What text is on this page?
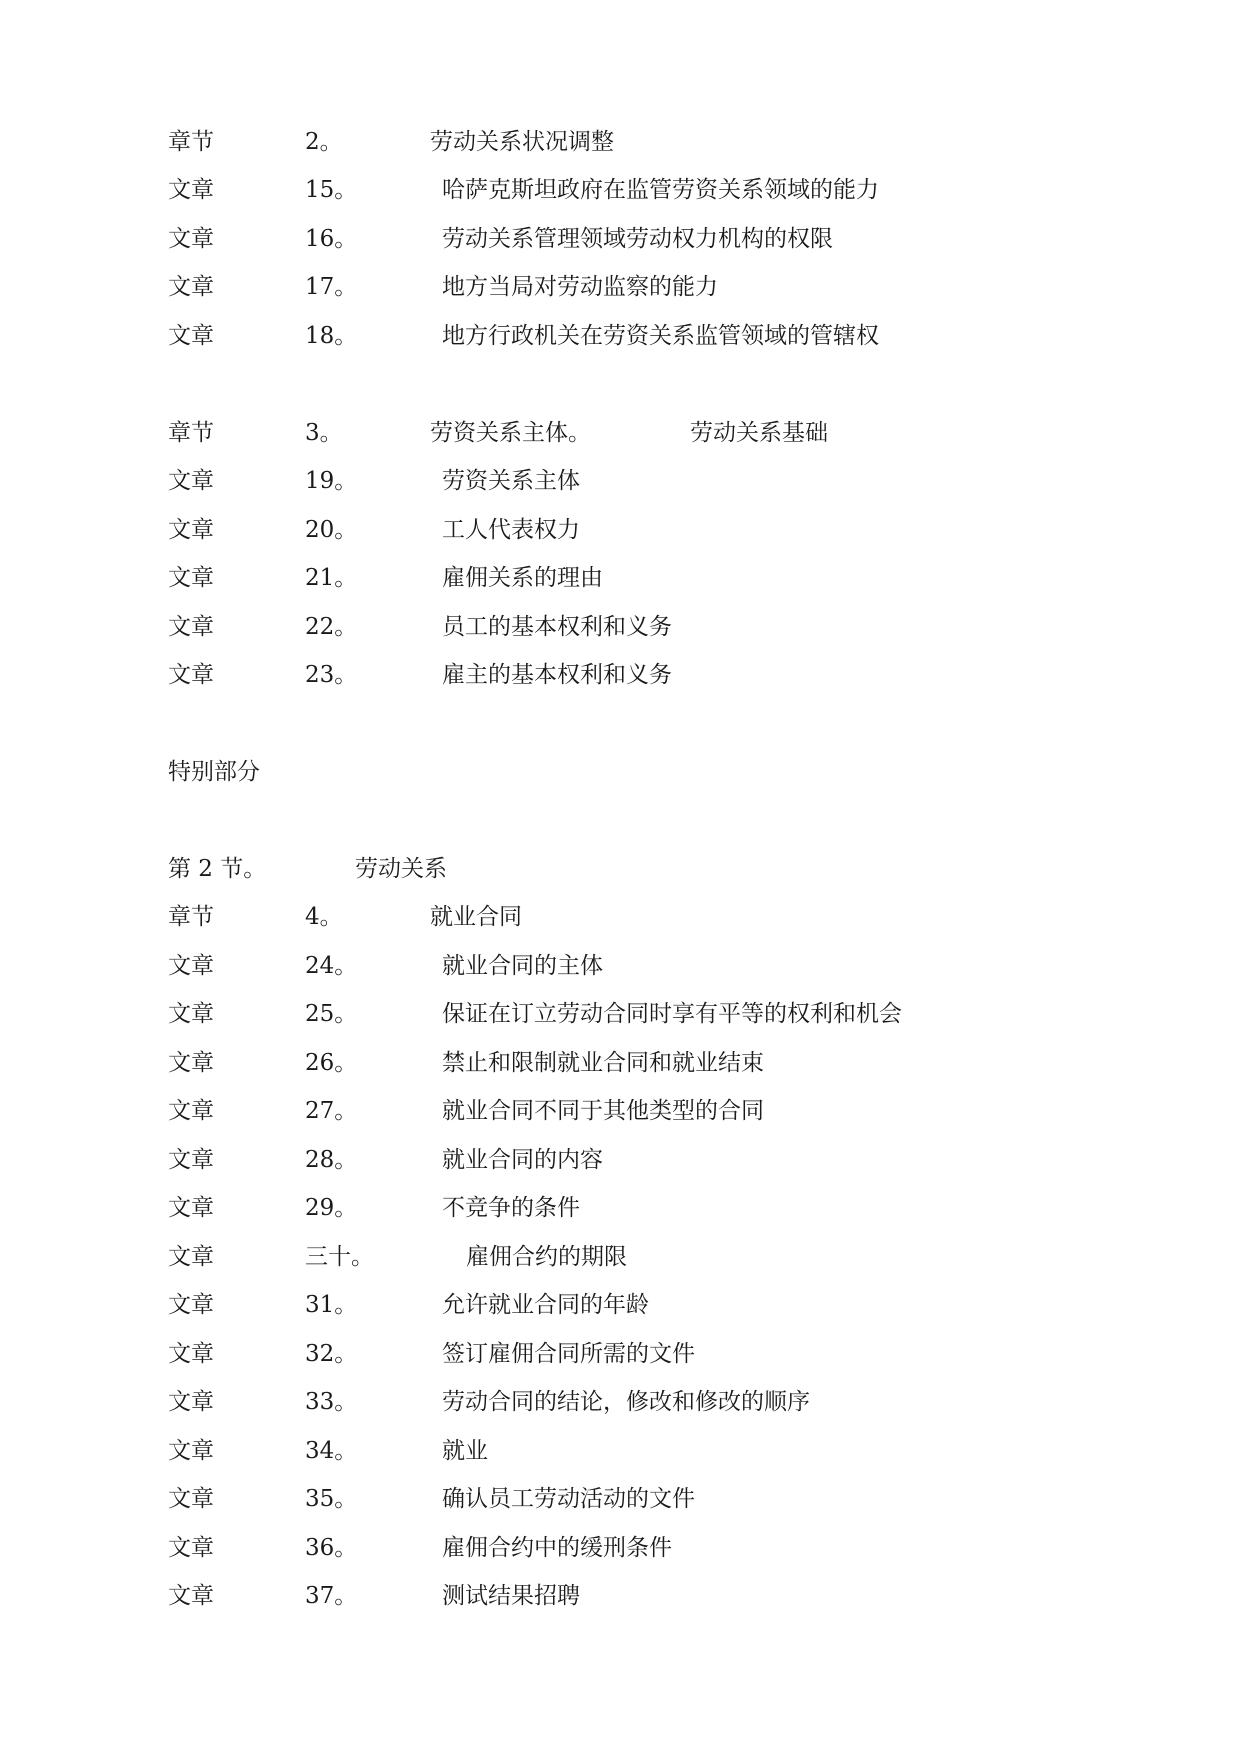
章节	2。	劳动关系状况调整
文章	15。	哈萨克斯坦政府在监管劳资关系领域的能力
文章	16。	劳动关系管理领域劳动权力机构的权限
文章	17。	地方当局对劳动监察的能力
文章	18。	地方行政机关在劳资关系监管领域的管辖权
章节	3。	劳资关系主体。	劳动关系基础
文章	19。	劳资关系主体
文章	20。	工人代表权力
文章	21。	雇佣关系的理由
文章	22。	员工的基本权利和义务
文章	23。	雇主的基本权利和义务
特别部分
第 2 节。	劳动关系
章节	4。	就业合同
文章	24。	就业合同的主体
文章	25。	保证在订立劳动合同时享有平等的权利和机会
文章	26。	禁止和限制就业合同和就业结束
文章	27。	就业合同不同于其他类型的合同
文章	28。	就业合同的内容
文章	29。	不竞争的条件
文章	三十。	雇佣合约的期限
文章	31。	允许就业合同的年龄
文章	32。	签订雇佣合同所需的文件
文章	33。	劳动合同的结论，修改和修改的顺序
文章	34。	就业
文章	35。	确认员工劳动活动的文件
文章	36。	雇佣合约中的缓刑条件
文章	37。	测试结果招聘
